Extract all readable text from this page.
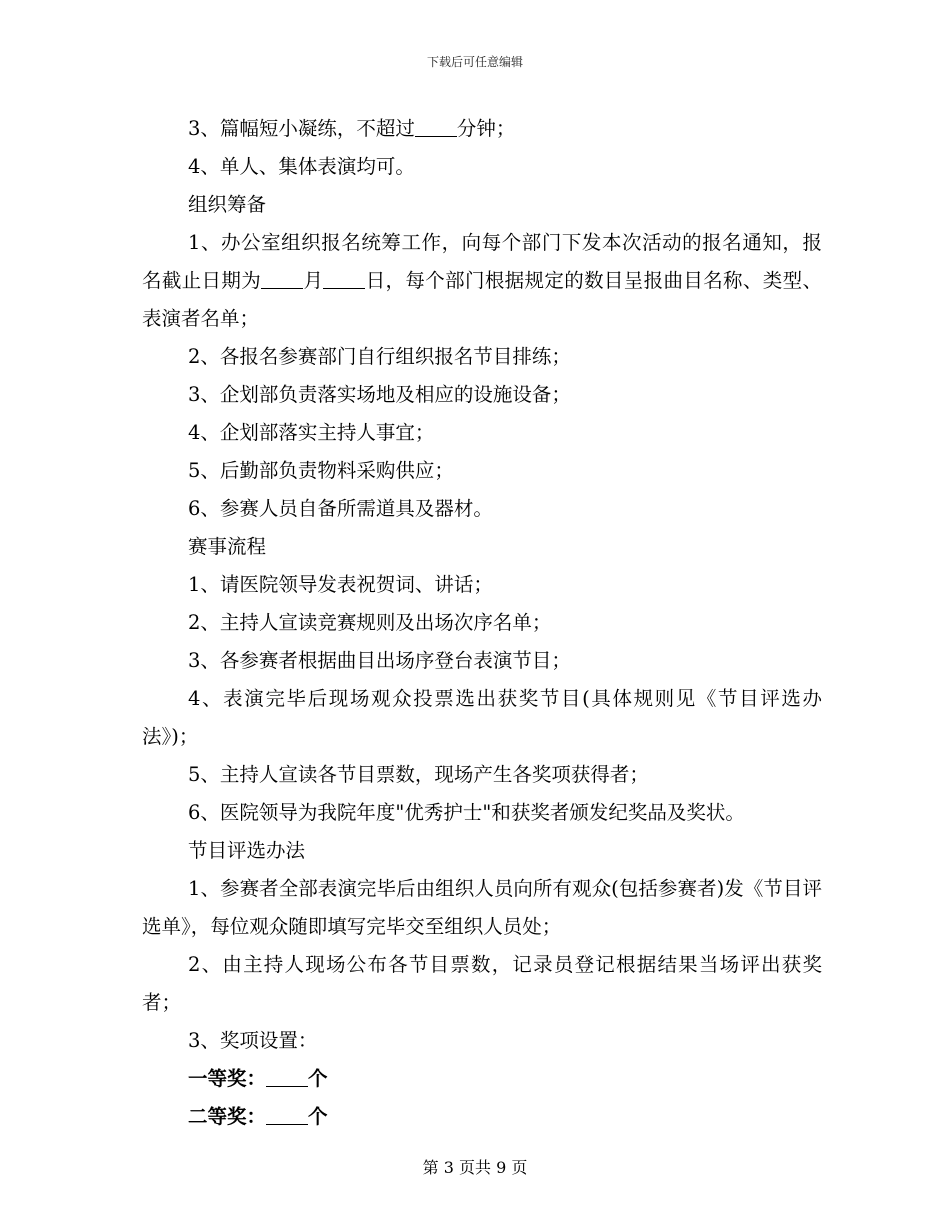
下载后可任意编辑

3、篇幅短小凝练，不超过 分钟；

4、单人、集体表演均可。

组织筹备

1、办公室组织报名统筹工作，向每个部门下发本次活动的报名通知，报名截止日期为 月 日，每个部门根据规定的数目呈报曲目名称、类型、表演者名单；

2、各报名参赛部门自行组织报名节目排练；

3、企划部负责落实场地及相应的设施设备；

4、企划部落实主持人事宜；

5、后勤部负责物料采购供应；

6、参赛人员自备所需道具及器材。

赛事流程

1、请医院领导发表祝贺词、讲话；

2、主持人宣读竞赛规则及出场次序名单；

3、各参赛者根据曲目出场序登台表演节目；

4、表演完毕后现场观众投票选出获奖节目(具体规则见《节目评选办法》)；

5、主持人宣读各节目票数，现场产生各奖项获得者；

6、医院领导为我院年度"优秀护士"和获奖者颁发纪奖品及奖状。

节目评选办法

1、参赛者全部表演完毕后由组织人员向所有观众(包括参赛者)发《节目评选单》，每位观众随即填写完毕交至组织人员处；

2、由主持人现场公布各节目票数，记录员登记根据结果当场评出获奖者；

3、奖项设置：

一等奖： 个

二等奖： 个

第 3 页共 9 页
